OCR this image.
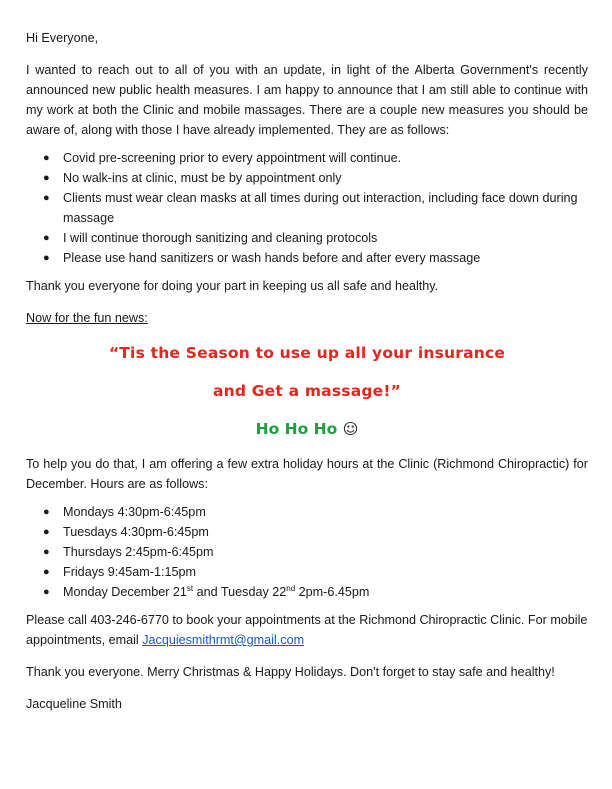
Hi Everyone,

I wanted to reach out to all of you with an update, in light of the Alberta Government's recently announced new public health measures. I am happy to announce that I am still able to continue with my work at both the Clinic and mobile massages. There are a couple new measures you should be aware of, along with those I have already implemented. They are as follows:

● Covid pre-screening prior to every appointment will continue.
● No walk-ins at clinic, must be by appointment only
● Clients must wear clean masks at all times during out interaction, including face down during massage
● I will continue thorough sanitizing and cleaning protocols
● Please use hand sanitizers or wash hands before and after every massage

Thank you everyone for doing your part in keeping us all safe and healthy.

Now for the fun news:

“Tis the Season to use up all your insurance

and Get a massage!”

Ho Ho Ho ☺

To help you do that, I am offering a few extra holiday hours at the Clinic (Richmond Chiropractic) for December. Hours are as follows:

● Mondays 4:30pm-6:45pm
● Tuesdays 4:30pm-6:45pm
● Thursdays 2:45pm-6:45pm
● Fridays 9:45am-1:15pm
● Monday December 21st and Tuesday 22nd 2pm-6.45pm

Please call 403-246-6770 to book your appointments at the Richmond Chiropractic Clinic. For mobile appointments, email Jacquiesmithrmt@gmail.com

Thank you everyone. Merry Christmas & Happy Holidays. Don't forget to stay safe and healthy!

Jacqueline Smith
